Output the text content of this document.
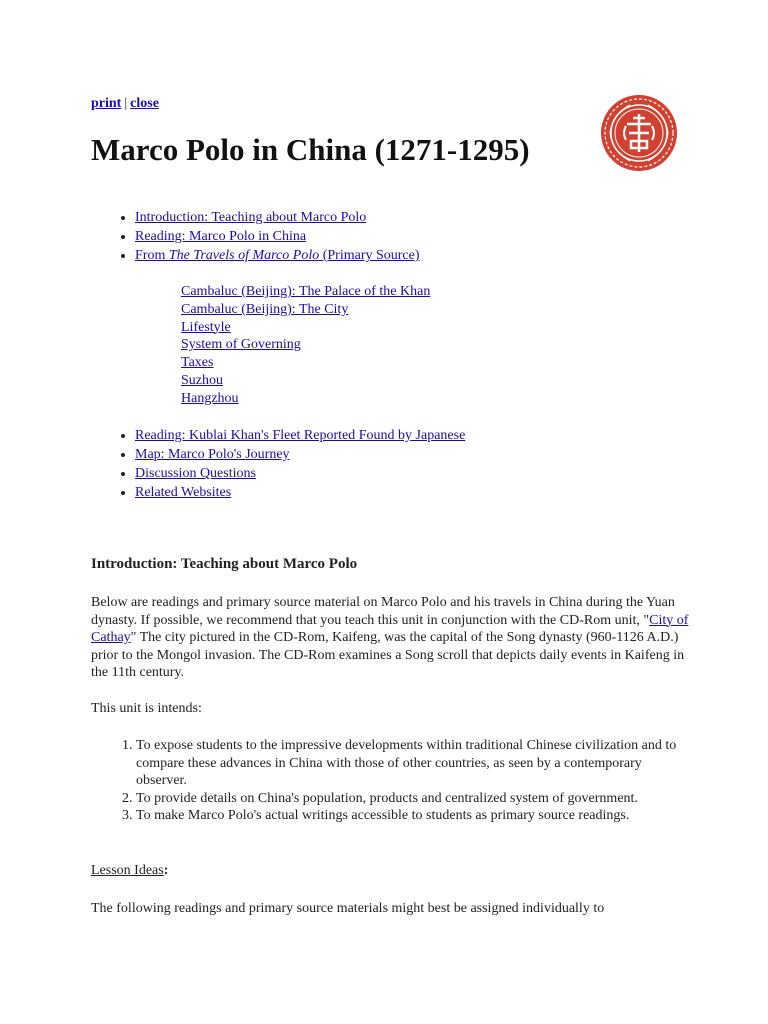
print | close
Marco Polo in China (1271-1295)
• Introduction: Teaching about Marco Polo
• Reading: Marco Polo in China
• From The Travels of Marco Polo (Primary Source)
Cambaluc (Beijing): The Palace of the Khan
Cambaluc (Beijing): The City
Lifestyle
System of Governing
Taxes
Suzhou
Hangzhou
• Reading: Kublai Khan's Fleet Reported Found by Japanese
• Map: Marco Polo's Journey
• Discussion Questions
• Related Websites
Introduction: Teaching about Marco Polo

Below are readings and primary source material on Marco Polo and his travels in China during the Yuan dynasty. If possible, we recommend that you teach this unit in conjunction with the CD-Rom unit, "City of Cathay" The city pictured in the CD-Rom, Kaifeng, was the capital of the Song dynasty (960-1126 A.D.) prior to the Mongol invasion. The CD-Rom examines a Song scroll that depicts daily events in Kaifeng in the 11th century.

This unit is intends:

1. To expose students to the impressive developments within traditional Chinese civilization and to compare these advances in China with those of other countries, as seen by a contemporary observer.
2. To provide details on China's population, products and centralized system of government.
3. To make Marco Polo's actual writings accessible to students as primary source readings.

Lesson Ideas:

The following readings and primary source materials might best be assigned individually to
